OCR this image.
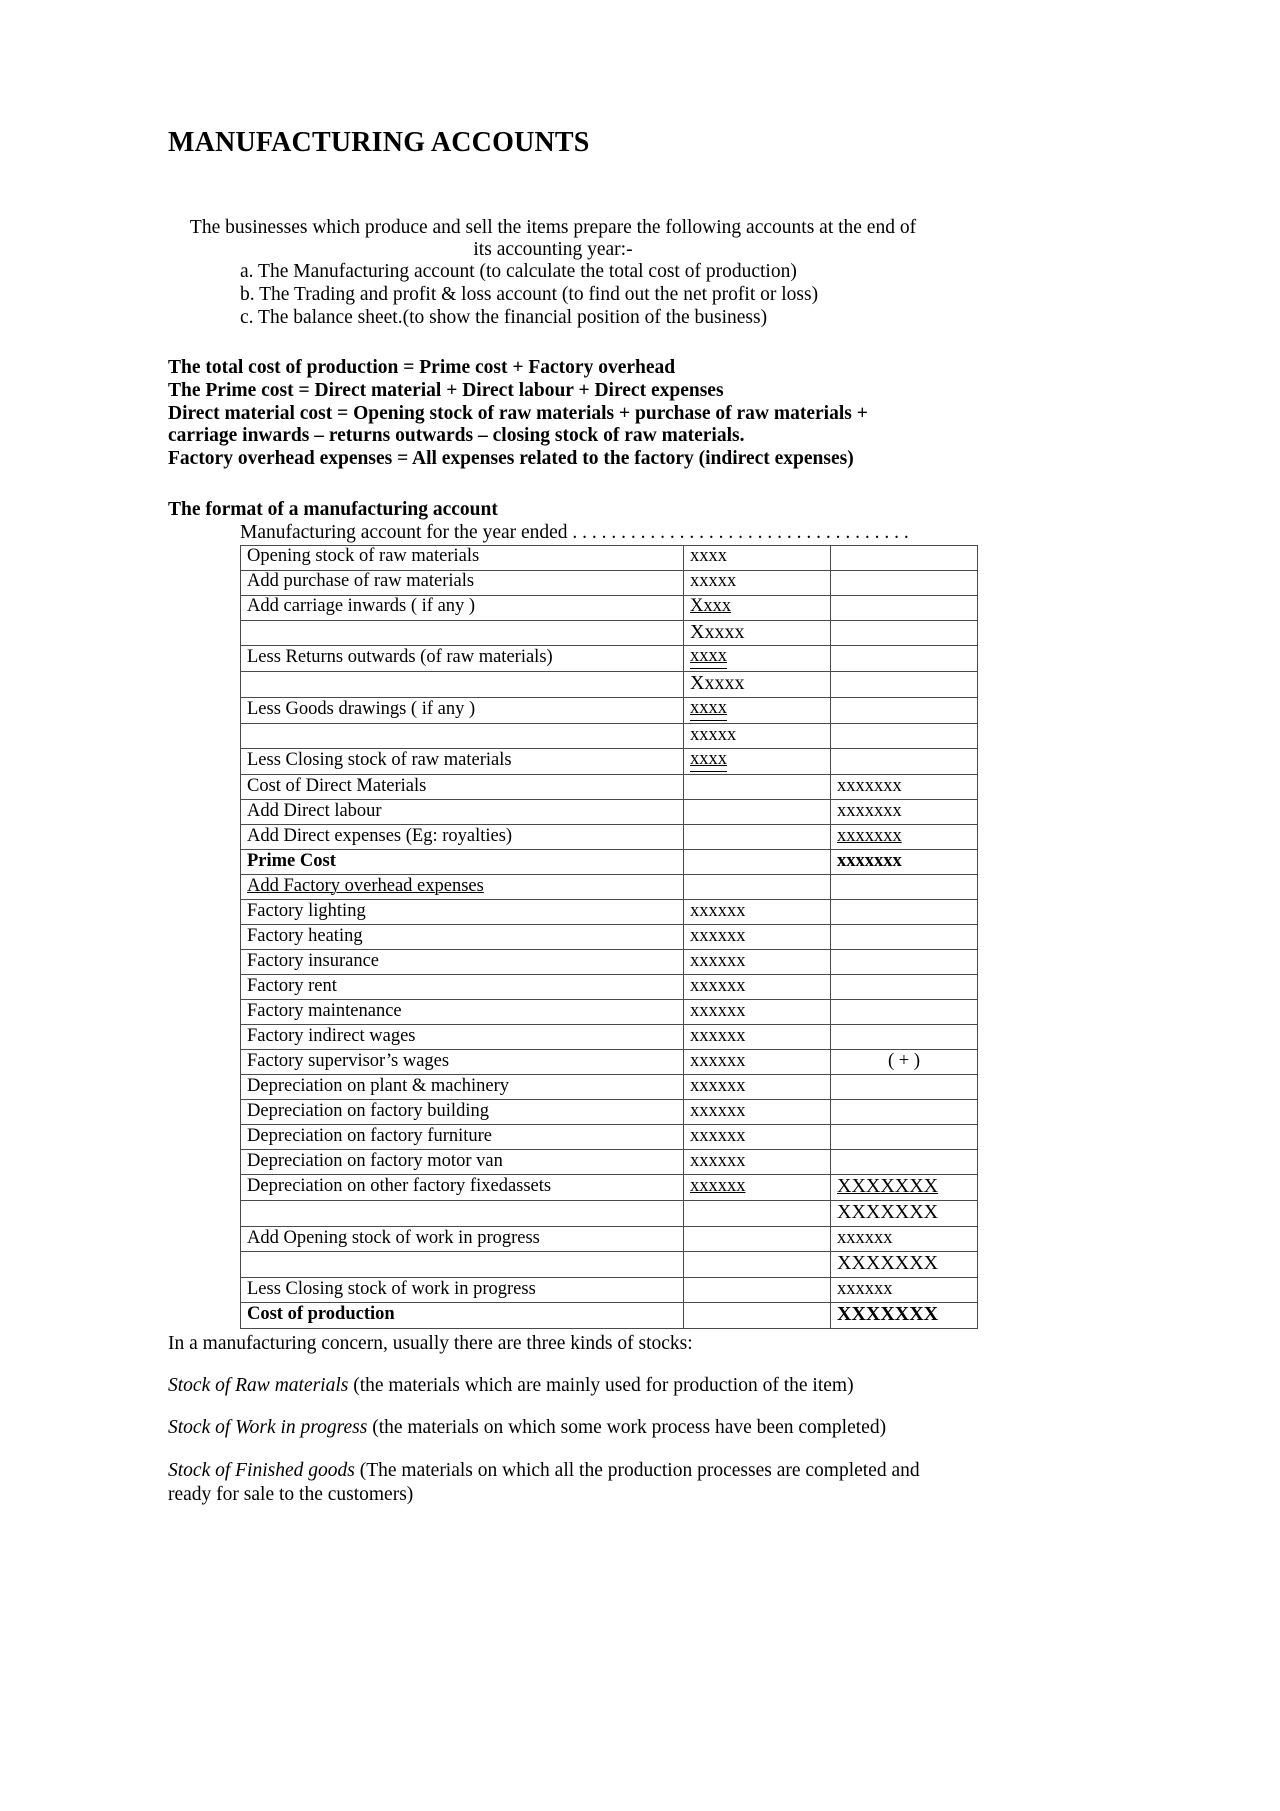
MANUFACTURING ACCOUNTS

The businesses which produce and sell the items prepare the following accounts at the end of its accounting year:-

a. The Manufacturing account (to calculate the total cost of production)
b. The Trading and profit & loss account (to find out the net profit or loss)
c. The balance sheet.(to show the financial position of the business)

The total cost of production = Prime cost + Factory overhead

The Prime cost = Direct material + Direct labour + Direct expenses

Direct material cost = Opening stock of raw materials + purchase of raw materials + carriage inwards – returns outwards – closing stock of raw materials.

Factory overhead expenses = All expenses related to the factory (indirect expenses)

The format of a manufacturing account
Manufacturing account for the year ended . . . . . . . . . . . . . . . . . . . . . . . . . . . . . . . . . . .
Opening stock of raw materials	xxxx	
Add purchase of raw materials	xxxxx	
Add carriage inwards ( if any )	Xxxx	
	Xxxxx	
Less Returns outwards (of raw materials)	xxxx	
	Xxxxx	
Less Goods drawings ( if any )	xxxx	
	xxxxx	
Less Closing stock of raw materials	xxxx	
Cost of Direct Materials		xxxxxxx
Add Direct labour		xxxxxxx
Add Direct expenses (Eg: royalties)		xxxxxxx
Prime Cost		xxxxxxx
Add Factory overhead expenses		
Factory lighting	xxxxxx	
Factory heating	xxxxxx	
Factory insurance	xxxxxx	
Factory rent	xxxxxx	
Factory maintenance	xxxxxx	
Factory indirect wages	xxxxxx	
Factory supervisor’s wages	xxxxxx	( + )
Depreciation on plant & machinery	xxxxxx	
Depreciation on factory building	xxxxxx	
Depreciation on factory furniture	xxxxxx	
Depreciation on factory motor van	xxxxxx	
Depreciation on other factory fixedassets	xxxxxx	XXXXXXX
		XXXXXXX
Add Opening stock of work in progress		xxxxxx
		XXXXXXX
Less Closing stock of work in progress		xxxxxx
Cost of production		XXXXXXX

In a manufacturing concern, usually there are three kinds of stocks:

Stock of Raw materials (the materials which are mainly used for production of the item)

Stock of Work in progress (the materials on which some work process have been completed)

Stock of Finished goods (The materials on which all the production processes are completed and ready for sale to the customers)
